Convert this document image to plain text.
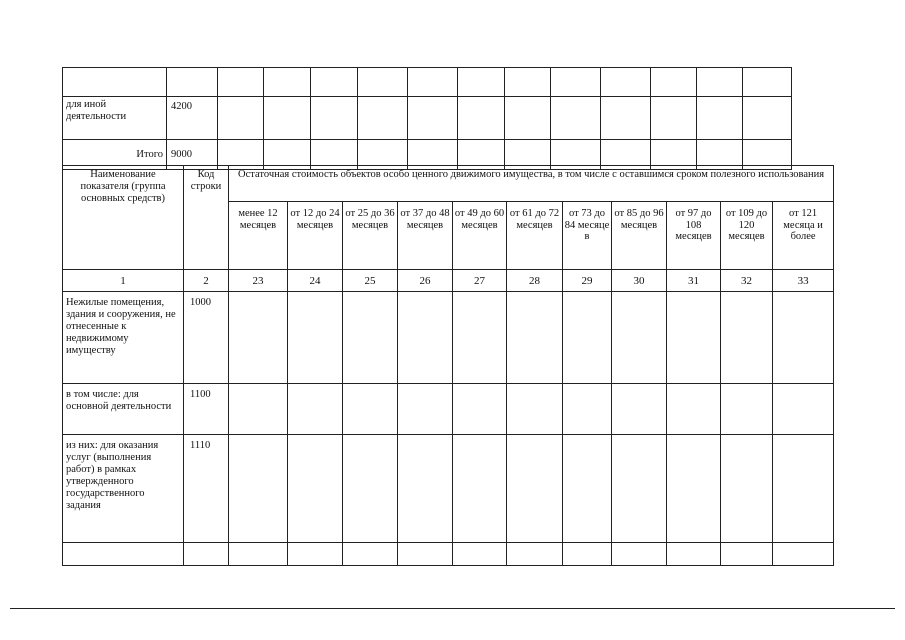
для иной деятельности	4200												
Итого	9000												
Наименование показателя (группа основных средств)	Код строки	Остаточная стоимость объектов особо ценного движимого имущества, в том числе с оставшимся сроком полезного использования										
		менее 12 месяцев	от 12 до 24 месяцев	от 25 до 36 месяцев	от 37 до 48 месяцев	от 49 до 60 месяцев	от 61 до 72 месяцев	от 73 до 84 месяце в	от 85 до 96 месяцев	от 97 до 108 месяцев	от 109 до 120 месяцев	от 121 месяца и более
1	2	23	24	25	26	27	28	29	30	31	32	33
Нежилые помещения, здания и сооружения, не отнесенные к недвижимому имуществу	1000											
в том числе: для основной деятельности	1100											
из них: для оказания услуг (выполнения работ) в рамках утвержденного государственного задания	1110											
